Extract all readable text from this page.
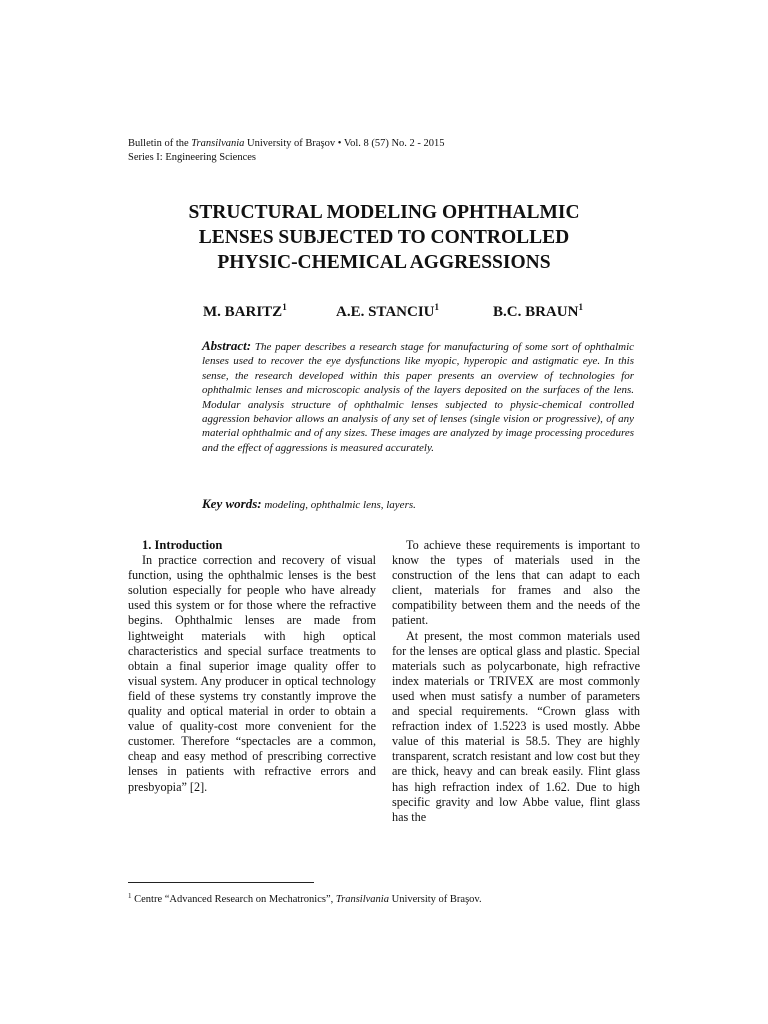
Bulletin of the Transilvania University of Braşov • Vol. 8 (57) No. 2 - 2015
Series I: Engineering Sciences
STRUCTURAL MODELING OPHTHALMIC
LENSES SUBJECTED TO CONTROLLED
PHYSIC-CHEMICAL AGGRESSIONS
M. BARITZ$^1$	A.E. STANCIU$^1$	B.C. BRAUN$^1$
Abstract: The paper describes a research stage for manufacturing of some sort of ophthalmic lenses used to recover the eye dysfunctions like myopic, hyperopic and astigmatic eye. In this sense, the research developed within this paper presents an overview of technologies for ophthalmic lenses and microscopic analysis of the layers deposited on the surfaces of the lens. Modular analysis structure of ophthalmic lenses subjected to physic-chemical controlled aggression behavior allows an analysis of any set of lenses (single vision or progressive), of any material ophthalmic and of any sizes. These images are analyzed by image processing procedures and the effect of aggressions is measured accurately.
Key words: modeling, ophthalmic lens, layers.

1. Introduction

In practice correction and recovery of visual function, using the ophthalmic lenses is the best solution especially for people who have already used this system or for those where the refractive begins. Ophthalmic lenses are made from lightweight materials with high optical characteristics and special surface treatments to obtain a final superior image quality offer to visual system. Any producer in optical technology field of these systems try constantly improve the quality and optical material in order to obtain a value of quality-cost more convenient for the customer. Therefore “spectacles are a common, cheap and easy method of prescribing corrective lenses in patients with refractive errors and presbyopia” [2].

To achieve these requirements is important to know the types of materials used in the construction of the lens that can adapt to each client, materials for frames and also the compatibility between them and the needs of the patient.

At present, the most common materials used for the lenses are optical glass and plastic. Special materials such as polycarbonate, high refractive index materials or TRIVEX are most commonly used when must satisfy a number of parameters and special requirements. “Crown glass with refraction index of 1.5223 is used mostly. Abbe value of this material is 58.5. They are highly transparent, scratch resistant and low cost but they are thick, heavy and can break easily. Flint glass has high refraction index of 1.62. Due to high specific gravity and low Abbe value, flint glass has the

$^1$ Centre “Advanced Research on Mechatronics”, Transilvania University of Braşov.
